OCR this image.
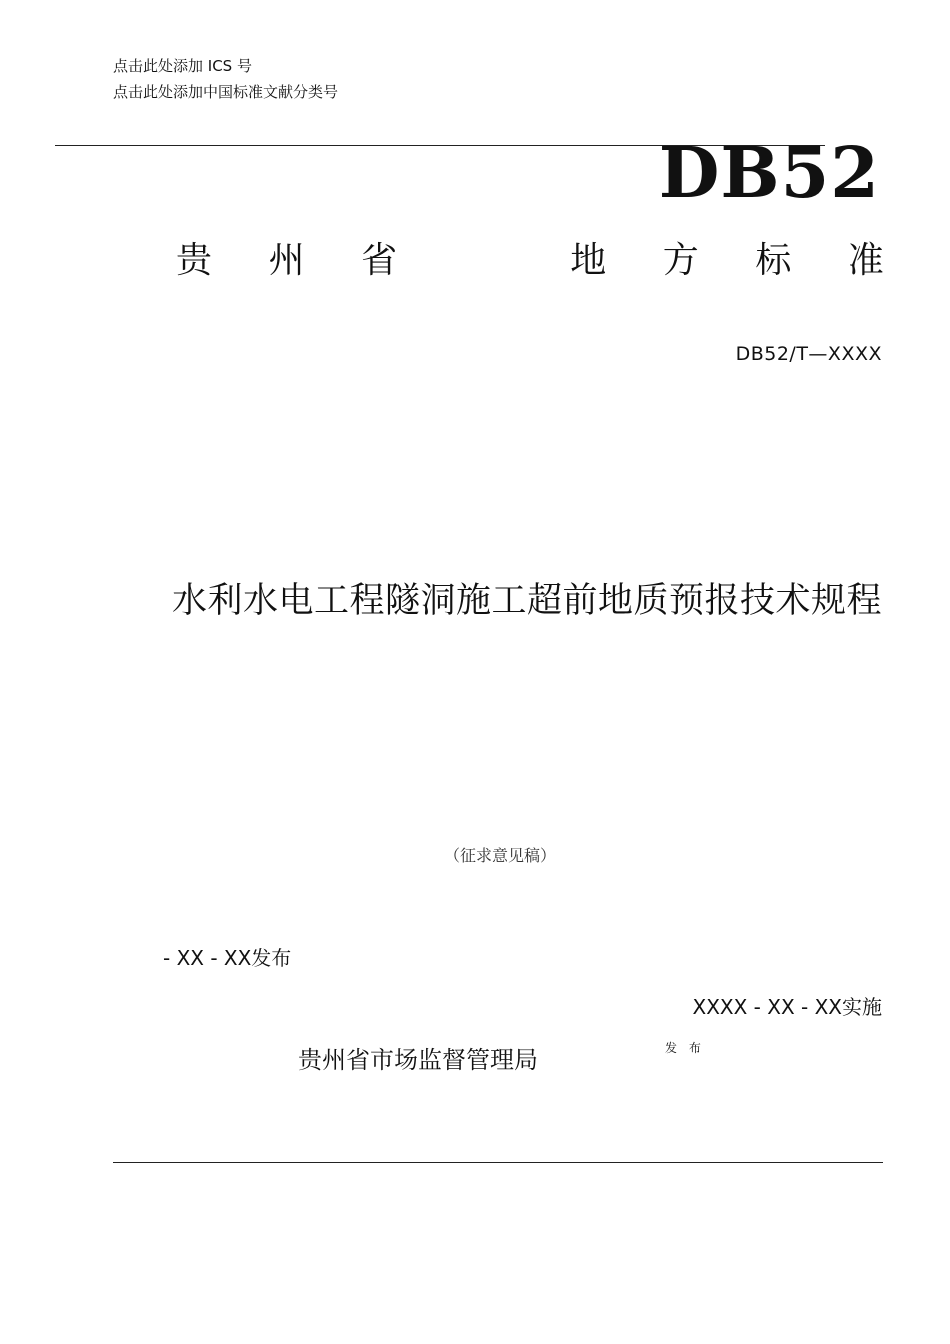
点击此处添加 ICS 号
点击此处添加中国标准文献分类号
DB52
贵 州 省	地 方 标 准
DB52/T—XXXX
水利水电工程隧洞施工超前地质预报技术规程
（征求意见稿）
- XX - XX发布
XXXX - XX - XX实施
贵州省市场监督管理局	发 布
